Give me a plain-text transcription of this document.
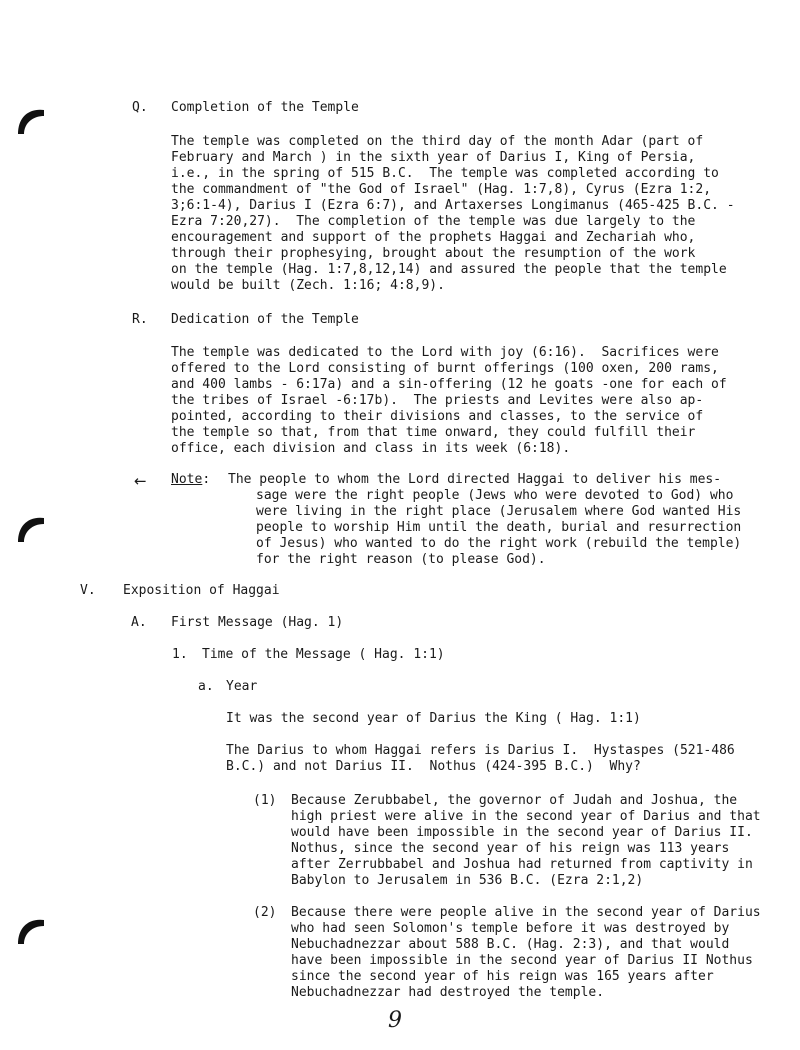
Q. Completion of the Temple
The temple was completed on the third day of the month Adar (part of
February and March ) in the sixth year of Darius I, King of Persia,
i.e., in the spring of 515 B.C.  The temple was completed according to
the commandment of "the God of Israel" (Hag. 1:7,8), Cyrus (Ezra 1:2,
3;6:1-4), Darius I (Ezra 6:7), and Artaxerses Longimanus (465-425 B.C. -
Ezra 7:20,27).  The completion of the temple was due largely to the
encouragement and support of the prophets Haggai and Zechariah who,
through their prophesying, brought about the resumption of the work
on the temple (Hag. 1:7,8,12,14) and assured the people that the temple
would be built (Zech. 1:16; 4:8,9).
R. Dedication of the Temple
The temple was dedicated to the Lord with joy (6:16).  Sacrifices were
offered to the Lord consisting of burnt offerings (100 oxen, 200 rams,
and 400 lambs - 6:17a) and a sin-offering (12 he goats -one for each of
the tribes of Israel -6:17b).  The priests and Levites were also ap-
pointed, according to their divisions and classes, to the service of
the temple so that, from that time onward, they could fulfill their
office, each division and class in its week (6:18).
← Note: The people to whom the Lord directed Haggai to deliver his mes-
sage were the right people (Jews who were devoted to God) who
were living in the right place (Jerusalem where God wanted His
people to worship Him until the death, burial and resurrection
of Jesus) who wanted to do the right work (rebuild the temple)
for the right reason (to please God).
V. Exposition of Haggai
A. First Message (Hag. 1)
1. Time of the Message ( Hag. 1:1)
a. Year
It was the second year of Darius the King ( Hag. 1:1)
The Darius to whom Haggai refers is Darius I.  Hystaspes (521-486
B.C.) and not Darius II.  Nothus (424-395 B.C.)  Why?
(1) Because Zerubbabel, the governor of Judah and Joshua, the
high priest were alive in the second year of Darius and that
would have been impossible in the second year of Darius II.
Nothus, since the second year of his reign was 113 years
after Zerrubbabel and Joshua had returned from captivity in
Babylon to Jerusalem in 536 B.C. (Ezra 2:1,2)
(2) Because there were people alive in the second year of Darius
who had seen Solomon's temple before it was destroyed by
Nebuchadnezzar about 588 B.C. (Hag. 2:3), and that would
have been impossible in the second year of Darius II Nothus
since the second year of his reign was 165 years after
Nebuchadnezzar had destroyed the temple.
9
